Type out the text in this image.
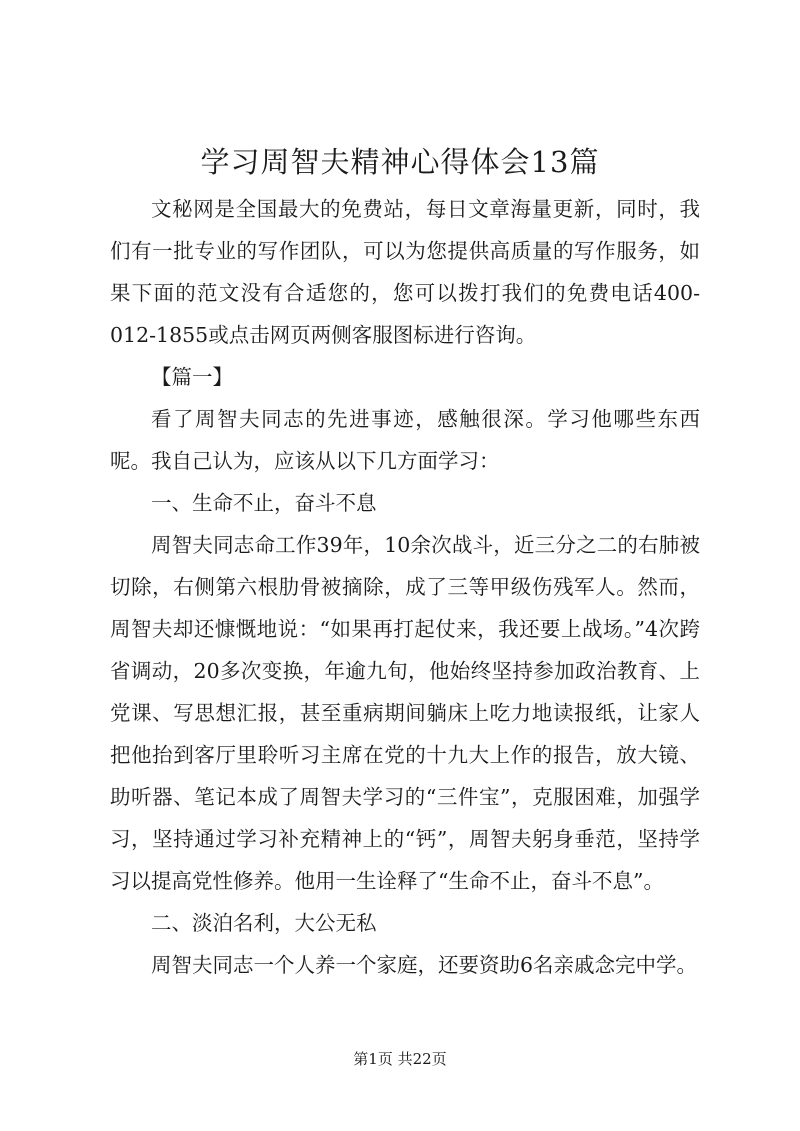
学习周智夫精神心得体会13篇

文秘网是全国最大的免费站，每日文章海量更新，同时，我们有一批专业的写作团队，可以为您提供高质量的写作服务，如果下面的范文没有合适您的，您可以拨打我们的免费电话400-012-1855或点击网页两侧客服图标进行咨询。

【篇一】

看了周智夫同志的先进事迹，感触很深。学习他哪些东西呢。我自己认为，应该从以下几方面学习：

一、生命不止，奋斗不息

周智夫同志命工作39年，10余次战斗，近三分之二的右肺被切除，右侧第六根肋骨被摘除，成了三等甲级伤残军人。然而，周智夫却还慷慨地说：“如果再打起仗来，我还要上战场。”4次跨省调动，20多次变换，年逾九旬，他始终坚持参加政治教育、上党课、写思想汇报，甚至重病期间躺床上吃力地读报纸，让家人把他抬到客厅里聆听习主席在党的十九大上作的报告，放大镜、助听器、笔记本成了周智夫学习的“三件宝”，克服困难，加强学习，坚持通过学习补充精神上的“钙”，周智夫躬身垂范，坚持学习以提高党性修养。他用一生诠释了“生命不止，奋斗不息”。

二、淡泊名利，大公无私

周智夫同志一个人养一个家庭，还要资助6名亲戚念完中学。

第1页 共22页
